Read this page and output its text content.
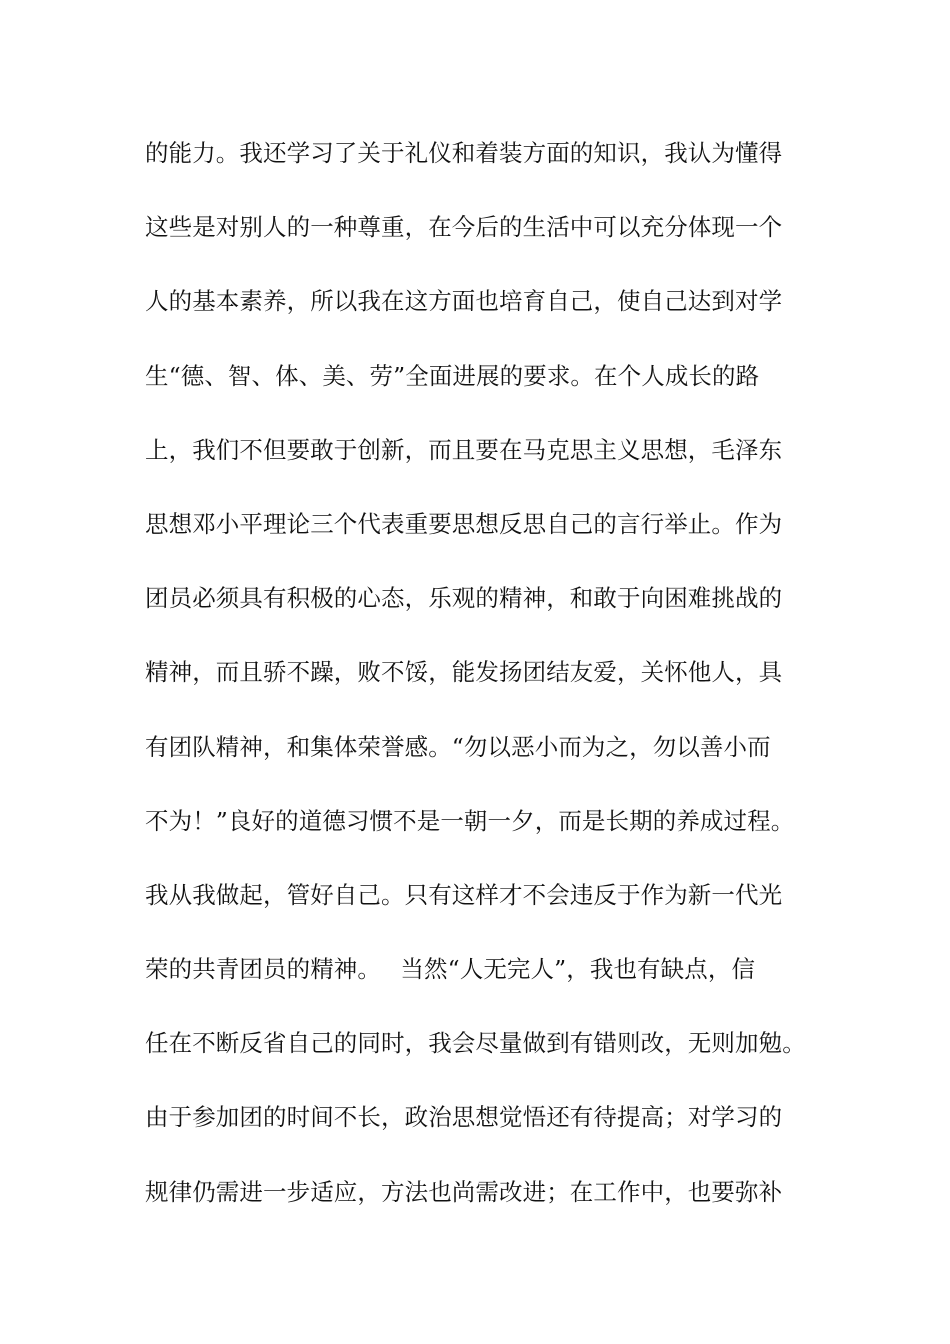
的能力。我还学习了关于礼仪和着装方面的知识，我认为懂得
这些是对别人的一种尊重，在今后的生活中可以充分体现一个
人的基本素养，所以我在这方面也培育自己，使自己达到对学
生“德、智、体、美、劳”全面进展的要求。在个人成长的路
上，我们不但要敢于创新，而且要在马克思主义思想，毛泽东
思想邓小平理论三个代表重要思想反思自己的言行举止。作为
团员必须具有积极的心态，乐观的精神，和敢于向困难挑战的
精神，而且骄不躁，败不馁，能发扬团结友爱，关怀他人，具
有团队精神，和集体荣誉感。“勿以恶小而为之，勿以善小而
不为！”良好的道德习惯不是一朝一夕，而是长期的养成过程。
我从我做起，管好自己。只有这样才不会违反于作为新一代光
荣的共青团员的精神。　 当然“人无完人”，我也有缺点，信
任在不断反省自己的同时，我会尽量做到有错则改，无则加勉。
由于参加团的时间不长，政治思想觉悟还有待提高；对学习的
规律仍需进一步适应，方法也尚需改进；在工作中，也要弥补
